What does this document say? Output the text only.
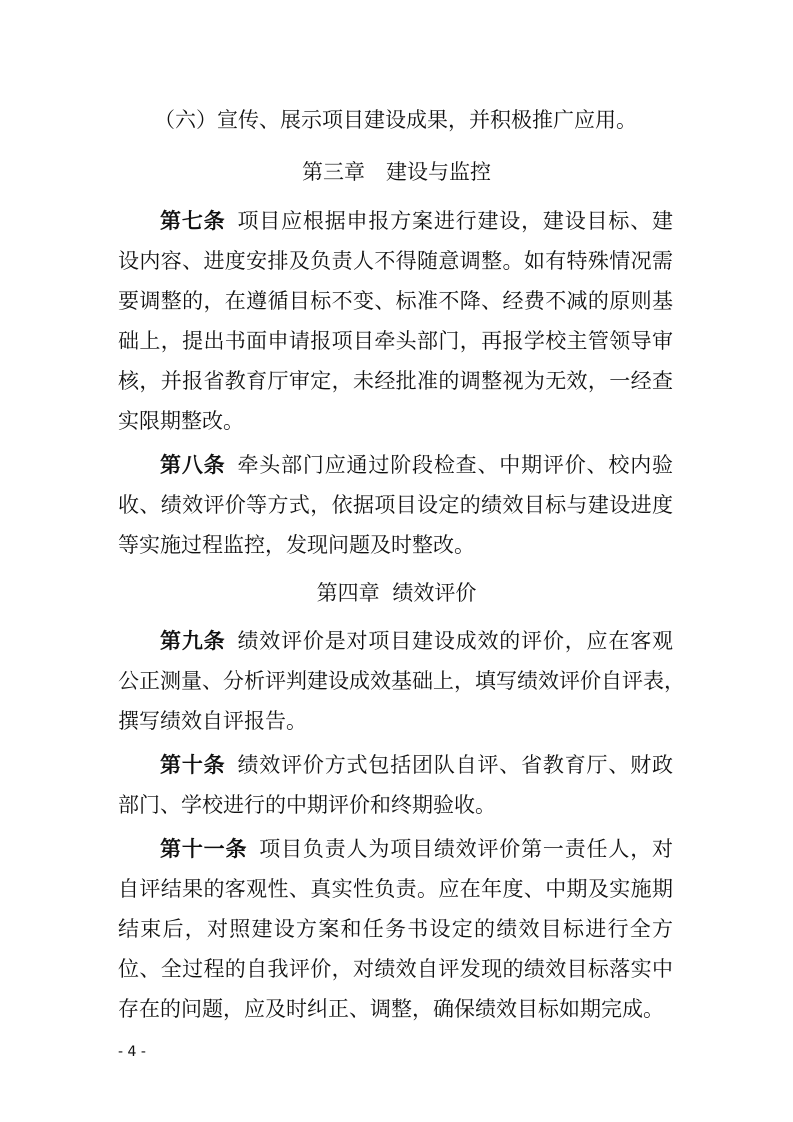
（六）宣传、展示项目建设成果，并积极推广应用。
第三章　建设与监控
第七条 项目应根据申报方案进行建设，建设目标、建
设内容、进度安排及负责人不得随意调整。如有特殊情况需
要调整的，在遵循目标不变、标准不降、经费不减的原则基
础上，提出书面申请报项目牵头部门，再报学校主管领导审
核，并报省教育厅审定，未经批准的调整视为无效，一经查
实限期整改。
第八条 牵头部门应通过阶段检查、中期评价、校内验
收、绩效评价等方式，依据项目设定的绩效目标与建设进度
等实施过程监控，发现问题及时整改。
第四章 绩效评价
第九条 绩效评价是对项目建设成效的评价，应在客观
公正测量、分析评判建设成效基础上，填写绩效评价自评表，
撰写绩效自评报告。
第十条 绩效评价方式包括团队自评、省教育厅、财政
部门、学校进行的中期评价和终期验收。
第十一条 项目负责人为项目绩效评价第一责任人，对
自评结果的客观性、真实性负责。应在年度、中期及实施期
结束后，对照建设方案和任务书设定的绩效目标进行全方
位、全过程的自我评价，对绩效自评发现的绩效目标落实中
存在的问题，应及时纠正、调整，确保绩效目标如期完成。
- 4 -
